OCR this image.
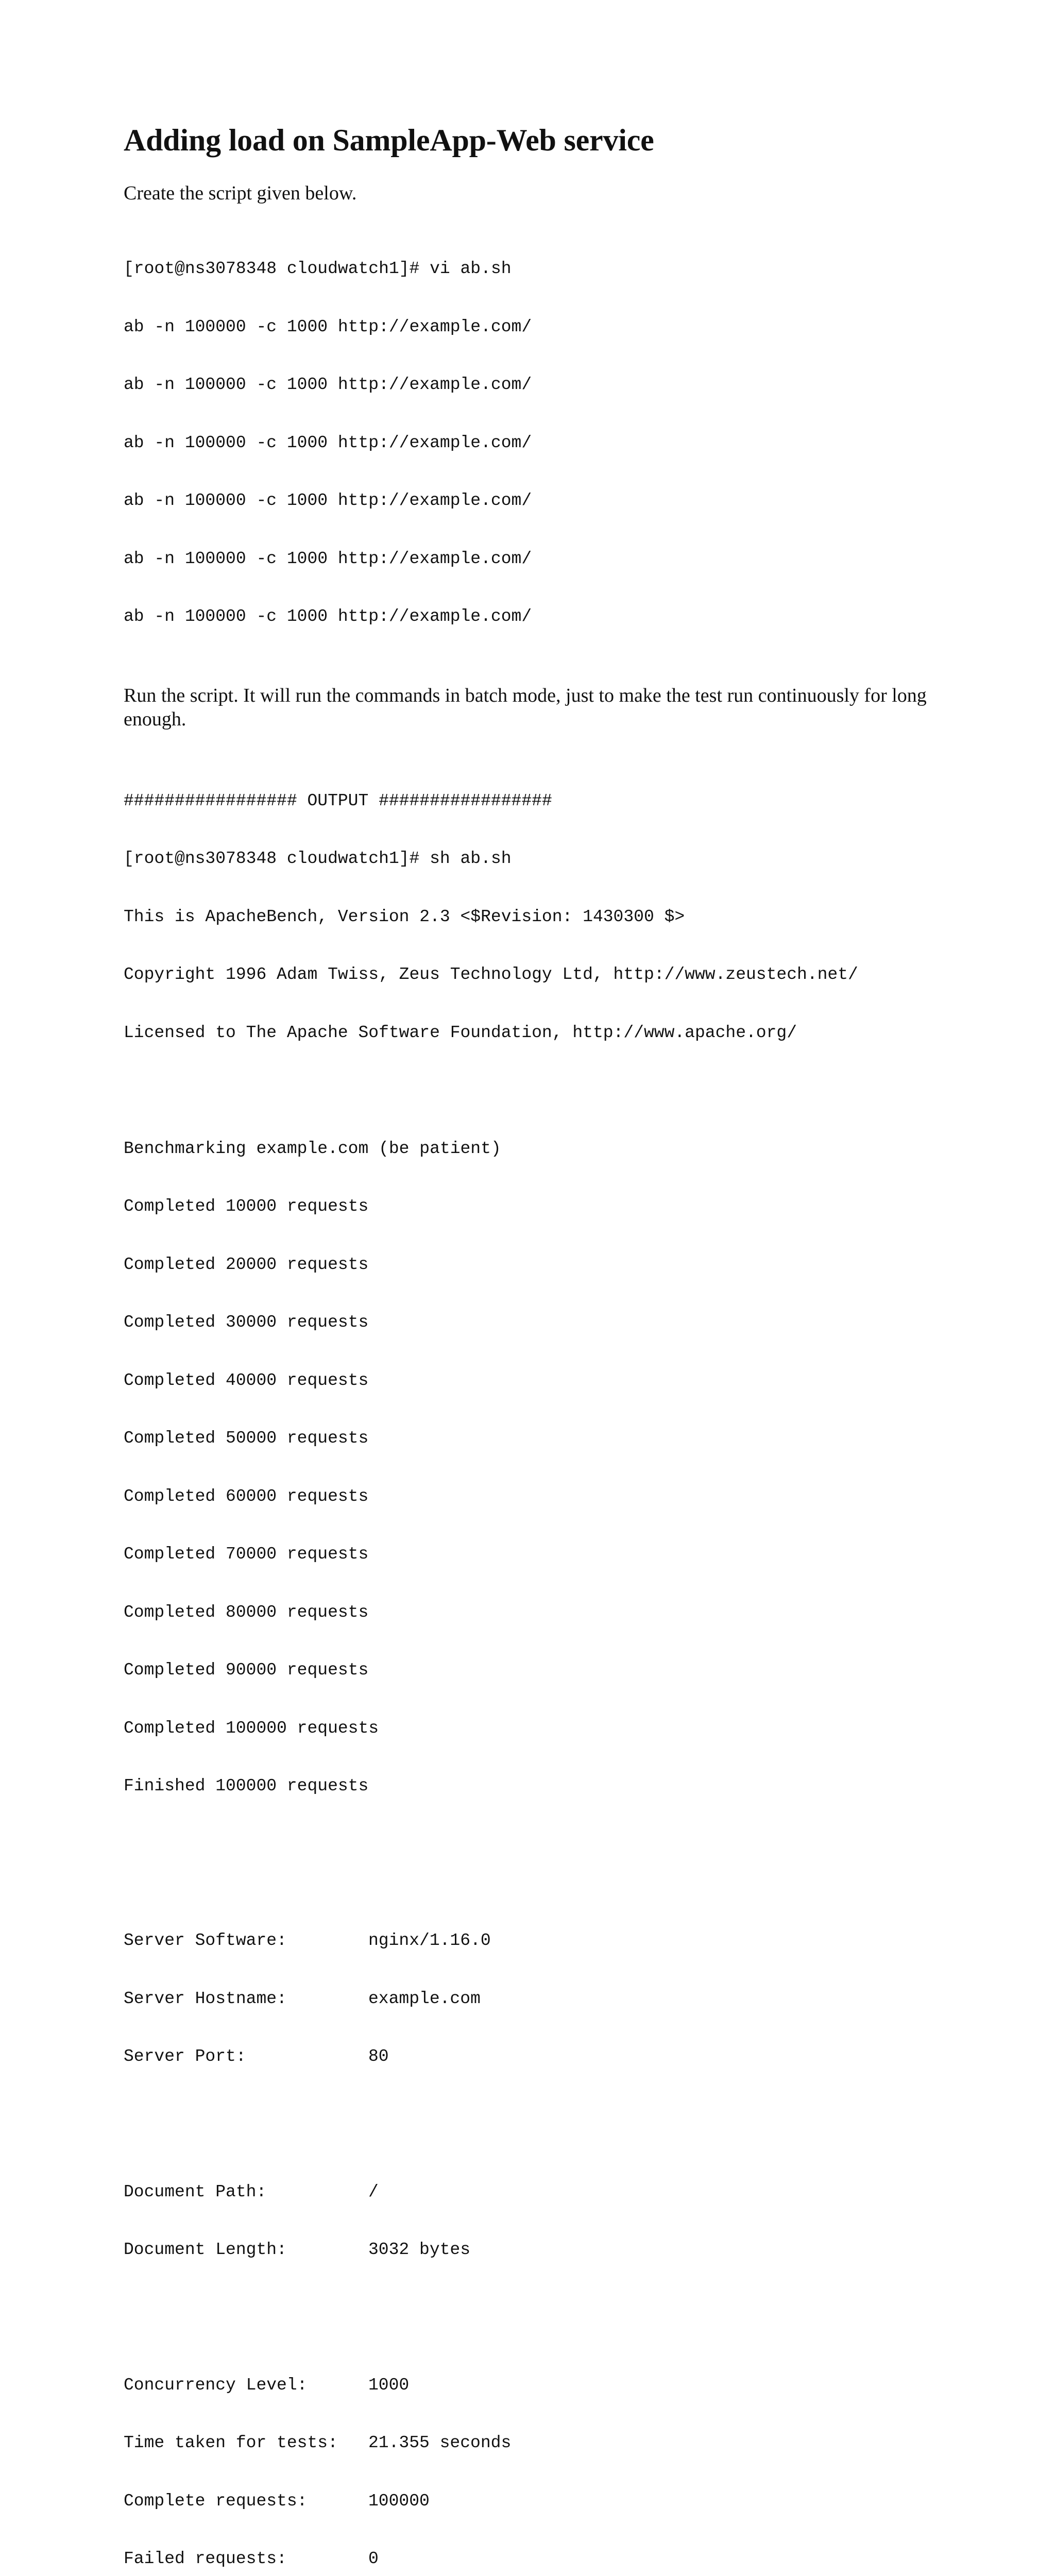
Adding load on SampleApp-Web service

Create the script given below.

[root@ns3078348 cloudwatch1]# vi ab.sh

ab -n 100000 -c 1000 http://example.com/

ab -n 100000 -c 1000 http://example.com/

ab -n 100000 -c 1000 http://example.com/

ab -n 100000 -c 1000 http://example.com/

ab -n 100000 -c 1000 http://example.com/

ab -n 100000 -c 1000 http://example.com/

Run the script. It will run the commands in batch mode, just to make the test run continuously for long enough.

################# OUTPUT #################

[root@ns3078348 cloudwatch1]# sh ab.sh

This is ApacheBench, Version 2.3 <$Revision: 1430300 $>

Copyright 1996 Adam Twiss, Zeus Technology Ltd, http://www.zeustech.net/

Licensed to The Apache Software Foundation, http://www.apache.org/

Benchmarking example.com (be patient)

Completed 10000 requests

Completed 20000 requests

Completed 30000 requests

Completed 40000 requests

Completed 50000 requests

Completed 60000 requests

Completed 70000 requests

Completed 80000 requests

Completed 90000 requests

Completed 100000 requests

Finished 100000 requests

Server Software:	nginx/1.16.0

Server Hostname:	example.com

Server Port:	80

Document Path:	/

Document Length:	3032 bytes

Concurrency Level:	1000

Time taken for tests: 21.355 seconds

Complete requests:	100000

Failed requests:	0
